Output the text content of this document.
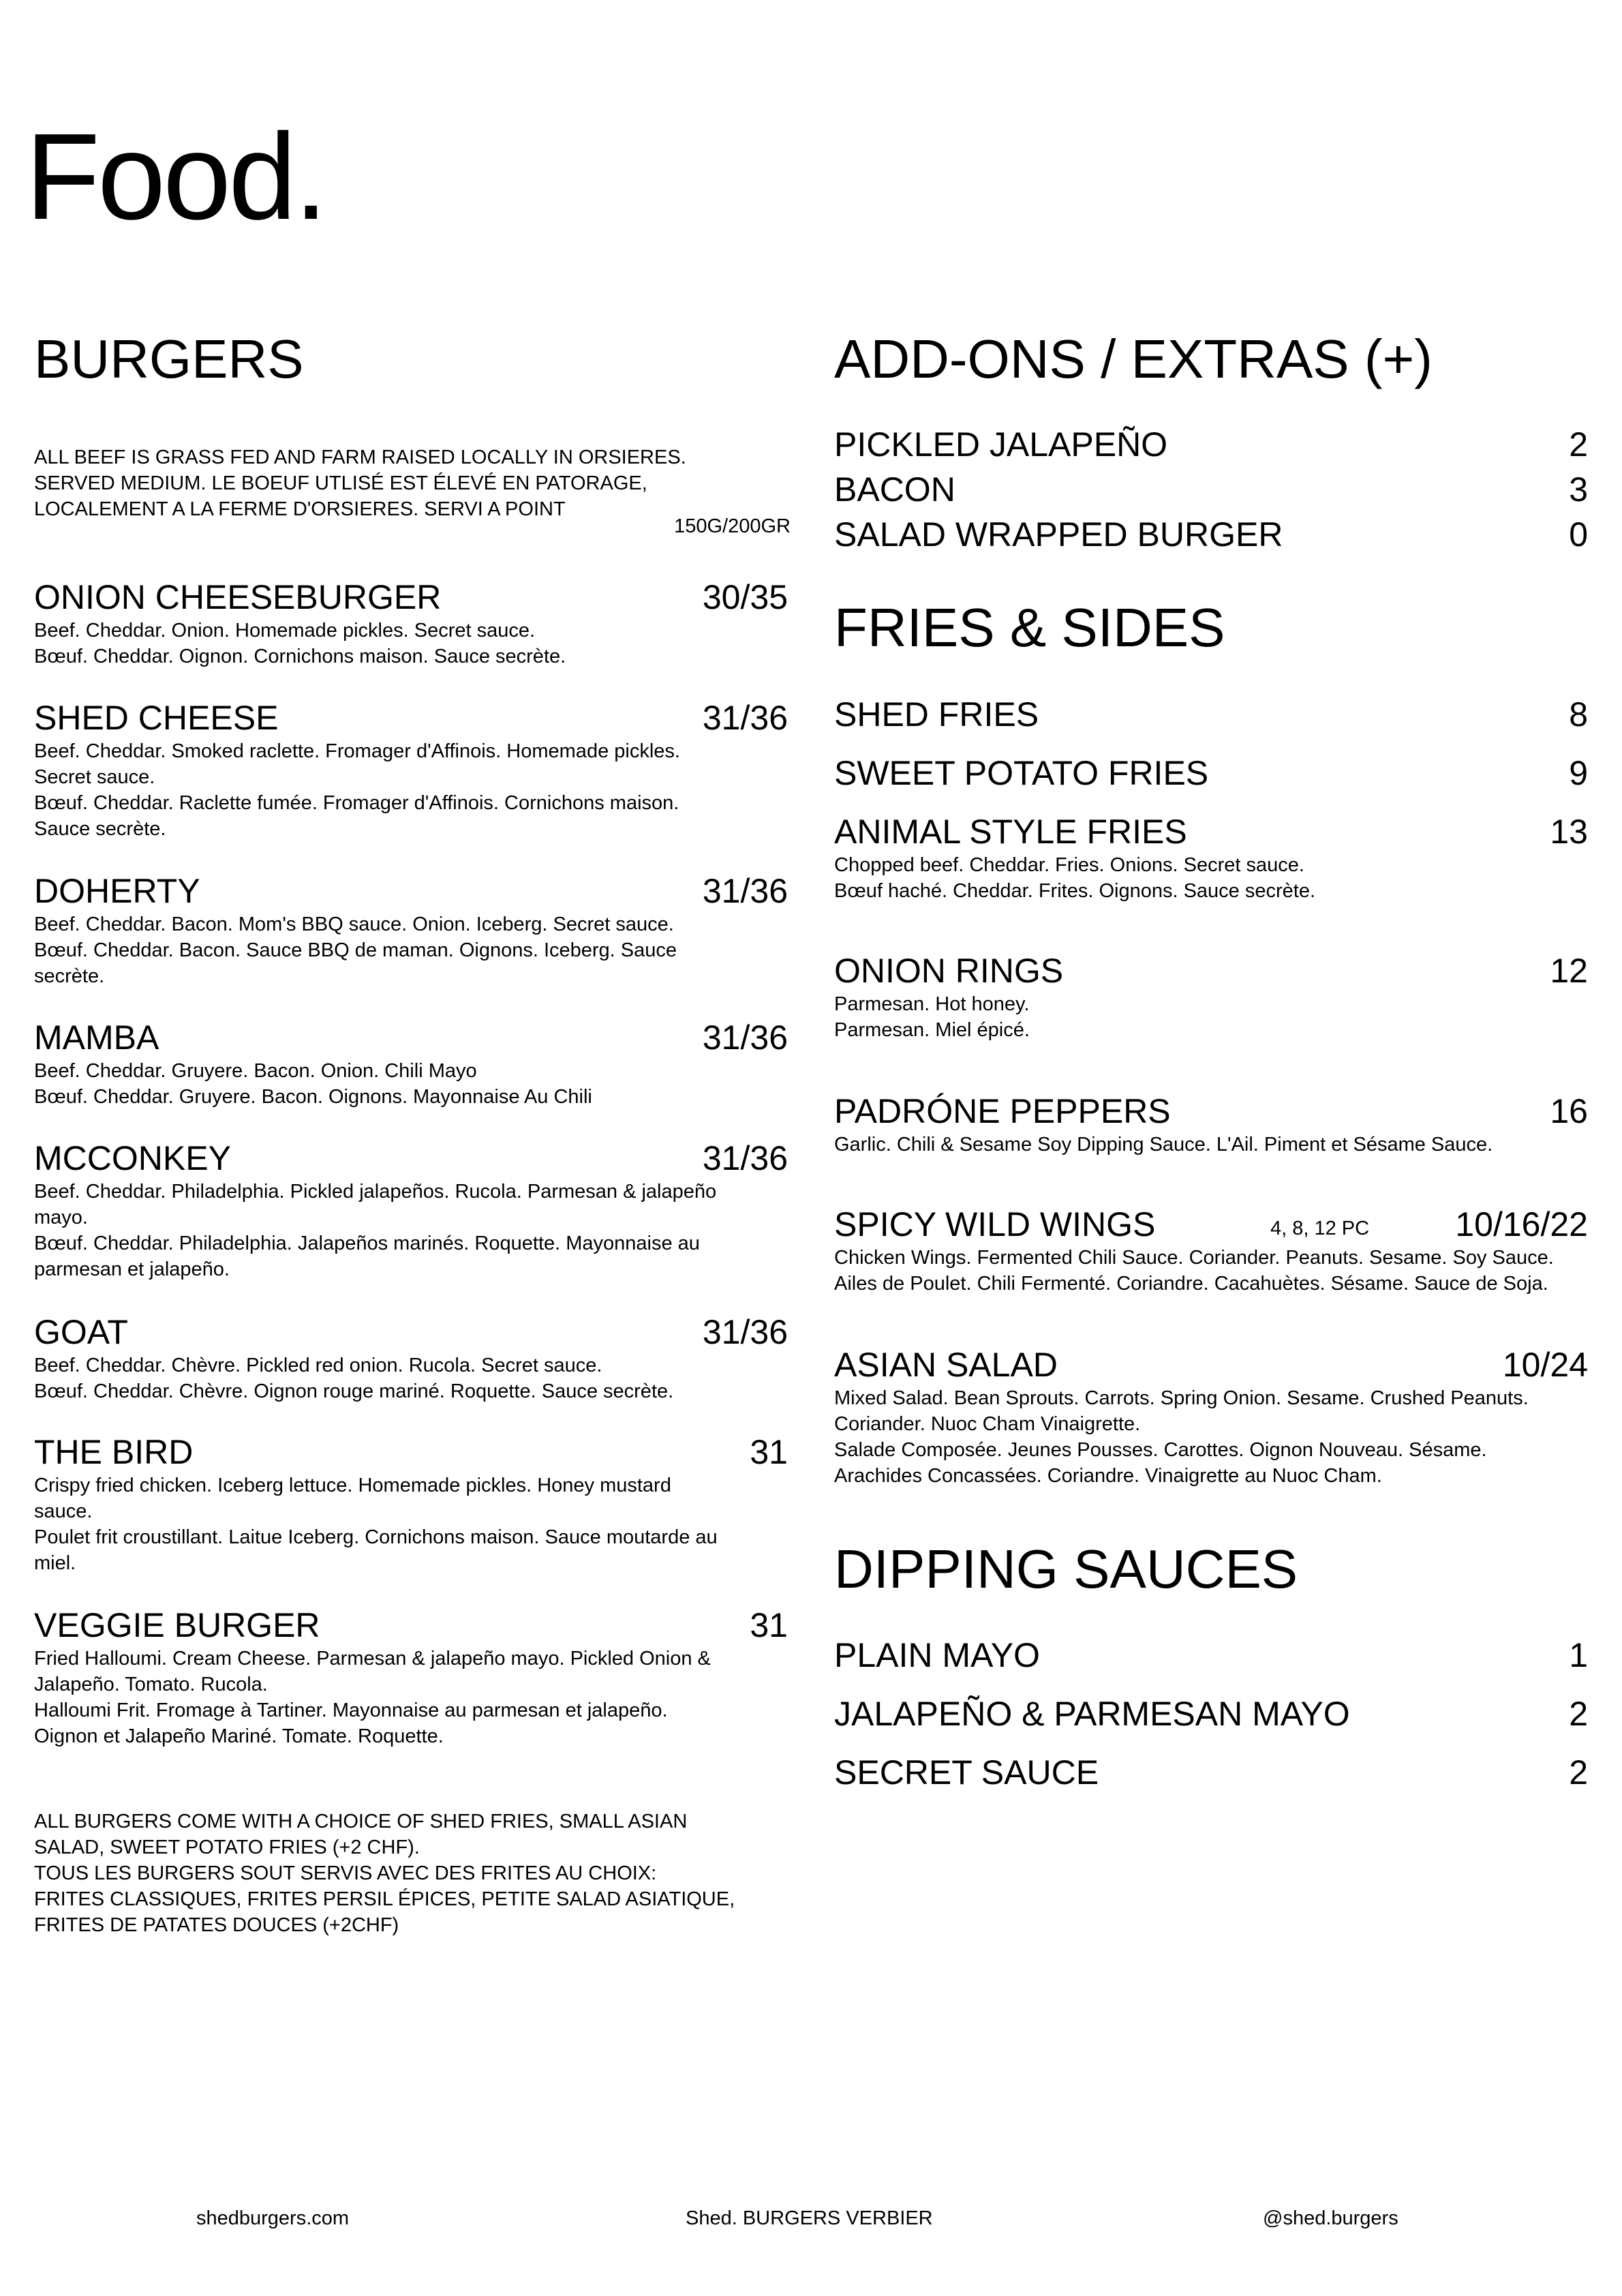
Food.
BURGERS

ALL BEEF IS GRASS FED AND FARM RAISED LOCALLY IN ORSIERES.

SERVED MEDIUM. LE BOEUF UTLISÉ EST ÉLEVÉ EN PATORAGE,

LOCALEMENT A LA FERME D'ORSIERES. SERVI A POINT

150G/200GR
ONION CHEESEBURGER	30/35

Beef. Cheddar. Onion. Homemade pickles. Secret sauce.

Bœuf. Cheddar. Oignon. Cornichons maison. Sauce secrète.

SHED CHEESE	31/36

Beef. Cheddar. Smoked raclette. Fromager d'Affinois. Homemade pickles.

Secret sauce.

Bœuf. Cheddar. Raclette fumée. Fromager d'Affinois. Cornichons maison.

Sauce secrète.

DOHERTY	31/36

Beef. Cheddar. Bacon. Mom's BBQ sauce. Onion. Iceberg. Secret sauce.

Bœuf. Cheddar. Bacon. Sauce BBQ de maman. Oignons. Iceberg. Sauce

secrète.

MAMBA	31/36

Beef. Cheddar. Gruyere. Bacon. Onion. Chili Mayo

Bœuf. Cheddar. Gruyere. Bacon. Oignons. Mayonnaise Au Chili

MCCONKEY	31/36

Beef. Cheddar. Philadelphia. Pickled jalapeños. Rucola. Parmesan & jalapeño

mayo.

Bœuf. Cheddar. Philadelphia. Jalapeños marinés. Roquette. Mayonnaise au

parmesan et jalapeño.

GOAT	31/36

Beef. Cheddar. Chèvre. Pickled red onion. Rucola. Secret sauce.

Bœuf. Cheddar. Chèvre. Oignon rouge mariné. Roquette. Sauce secrète.

THE BIRD	31

Crispy fried chicken. Iceberg lettuce. Homemade pickles. Honey mustard

sauce.

Poulet frit croustillant. Laitue Iceberg. Cornichons maison. Sauce moutarde au

miel.

VEGGIE BURGER	31

Fried Halloumi. Cream Cheese. Parmesan & jalapeño mayo. Pickled Onion &

Jalapeño. Tomato. Rucola.

Halloumi Frit. Fromage à Tartiner. Mayonnaise au parmesan et jalapeño.

Oignon et Jalapeño Mariné. Tomate. Roquette.

ALL BURGERS COME WITH A CHOICE OF SHED FRIES, SMALL ASIAN

SALAD, SWEET POTATO FRIES (+2 CHF).

TOUS LES BURGERS SOUT SERVIS AVEC DES FRITES AU CHOIX:

FRITES CLASSIQUES, FRITES PERSIL ÉPICES, PETITE SALAD ASIATIQUE,

FRITES DE PATATES DOUCES (+2CHF)

ADD-ONS / EXTRAS (+)
PICKLED JALAPEÑO	2
BACON	3
SALAD WRAPPED BURGER	0
FRIES & SIDES
SHED FRIES	8
SWEET POTATO FRIES	9
ANIMAL STYLE FRIES	13

Chopped beef. Cheddar. Fries. Onions. Secret sauce.

Bœuf haché. Cheddar. Frites. Oignons. Sauce secrète.

ONION RINGS	12

Parmesan. Hot honey.

Parmesan. Miel épicé.

PADRÓNE PEPPERS	16

Garlic. Chili & Sesame Soy Dipping Sauce. L'Ail. Piment et Sésame Sauce.

SPICY WILD WINGS	4, 8, 12 PC	10/16/22

Chicken Wings. Fermented Chili Sauce. Coriander. Peanuts. Sesame. Soy Sauce.

Ailes de Poulet. Chili Fermenté. Coriandre. Cacahuètes. Sésame. Sauce de Soja.

ASIAN SALAD	10/24

Mixed Salad. Bean Sprouts. Carrots. Spring Onion. Sesame. Crushed Peanuts.

Coriander. Nuoc Cham Vinaigrette.

Salade Composée. Jeunes Pousses. Carottes. Oignon Nouveau. Sésame.

Arachides Concassées. Coriandre. Vinaigrette au Nuoc Cham.

DIPPING SAUCES
PLAIN MAYO	1
JALAPEÑO & PARMESAN MAYO	2
SECRET SAUCE	2
shedburgers.com	Shed. BURGERS VERBIER	@shed.burgers
